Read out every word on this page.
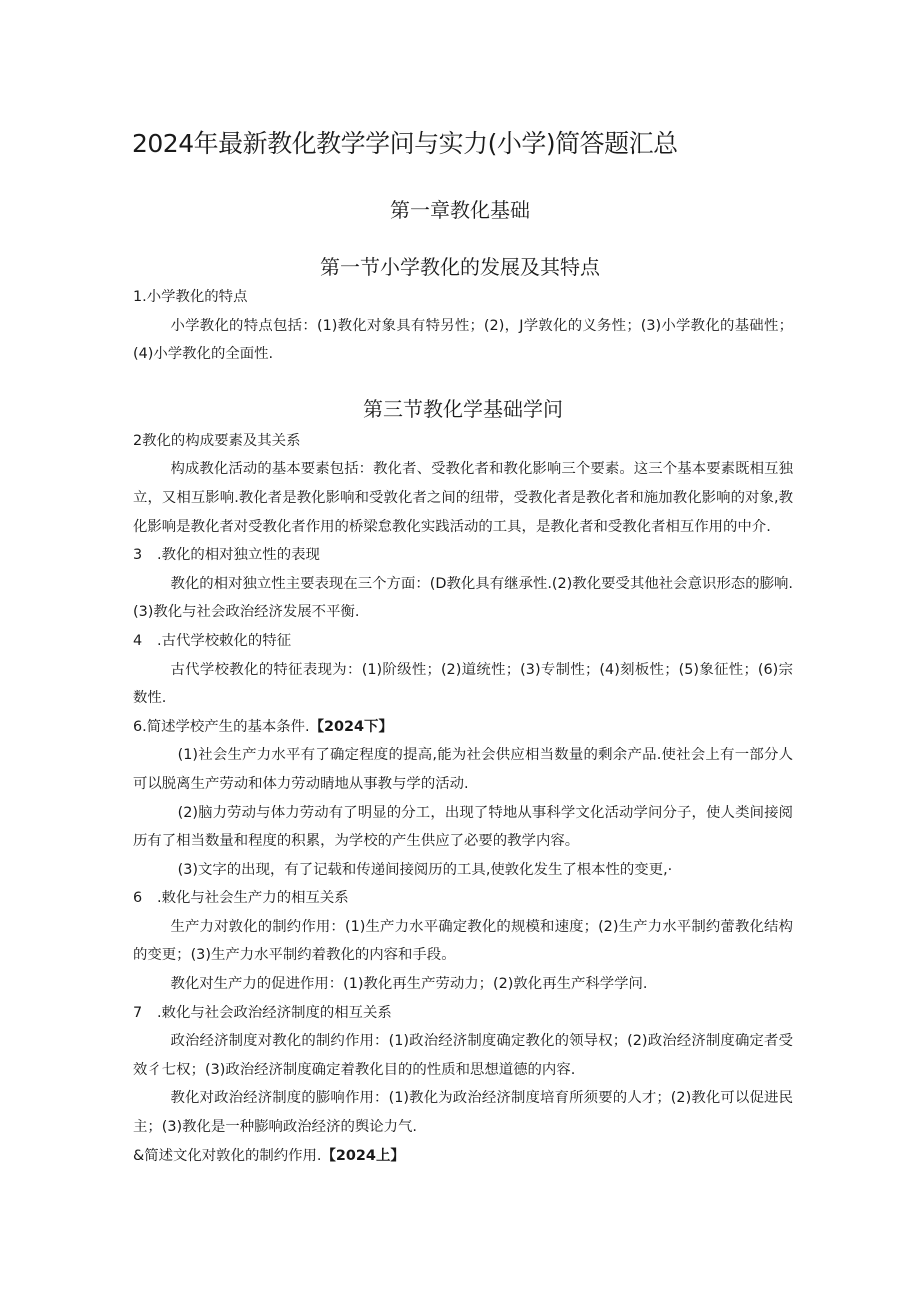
2024年最新教化教学学问与实力(小学)简答题汇总
第一章教化基础
第一节小学教化的发展及其特点

1.小学教化的特点

小学教化的特点包括：(1)教化对象具有特另性；(2)，J学敦化的义务性；(3)小学教化的基础性；(4)小学教化的全面性.

第三节教化学基础学问

2教化的构成要素及其关系

构成教化活动的基本要素包括：教化者、受教化者和教化影响三个要素。这三个基本要素既相互独立，又相互影响.教化者是教化影响和受敦化者之间的纽带，受教化者是教化者和施加教化影响的对象,教化影响是教化者对受教化者作用的桥梁怠教化实践活动的工具，是教化者和受教化者相互作用的中介.

3 .教化的相对独立性的表现

教化的相对独立性主要表现在三个方面：(D教化具有继承性.(2)教化要受其他社会意识形态的膨响.(3)教化与社会政治经济发展不平衡.

4 .古代学校敕化的特征

古代学校教化的特征表现为：(1)阶级性；(2)道统性；(3)专制性；(4)刻板性；(5)象征性；(6)宗数性.

6.简述学校产生的基本条件.【2024下】

(1)社会生产力水平有了确定程度的提高,能为社会供应相当数量的剩余产品.使社会上有一部分人可以脱离生产劳动和体力劳动睛地从事教与学的活动.

(2)脑力劳动与体力劳动有了明显的分工，出现了特地从事科学文化活动学问分子，使人类间接阅历有了相当数量和程度的积累，为学校的产生供应了必要的教学内容。

(3)文字的出现，有了记载和传递间接阅历的工具,使敦化发生了根本性的变更,·

6 .敕化与社会生产力的相互关系

生产力对敦化的制约作用：(1)生产力水平确定教化的规模和速度；(2)生产力水平制约蕾教化结构的变更；(3)生产力水平制约着教化的内容和手段。

教化对生产力的促进作用：(1)教化再生产劳动力；(2)敦化再生产科学学问.

7 .敕化与社会政治经济制度的相互关系

政治经济制度对教化的制约作用：(1)政治经济制度确定教化的领导权；(2)政治经济制度确定者受效彳七权；(3)政治经济制度确定着教化目的的性质和思想道德的内容.

教化对政治经济制度的膨响作用：(1)教化为政治经济制度培育所须要的人才；(2)教化可以促进民主；(3)教化是一种膨响政治经济的舆论力气.

&简述文化对敦化的制约作用.【2024上】
